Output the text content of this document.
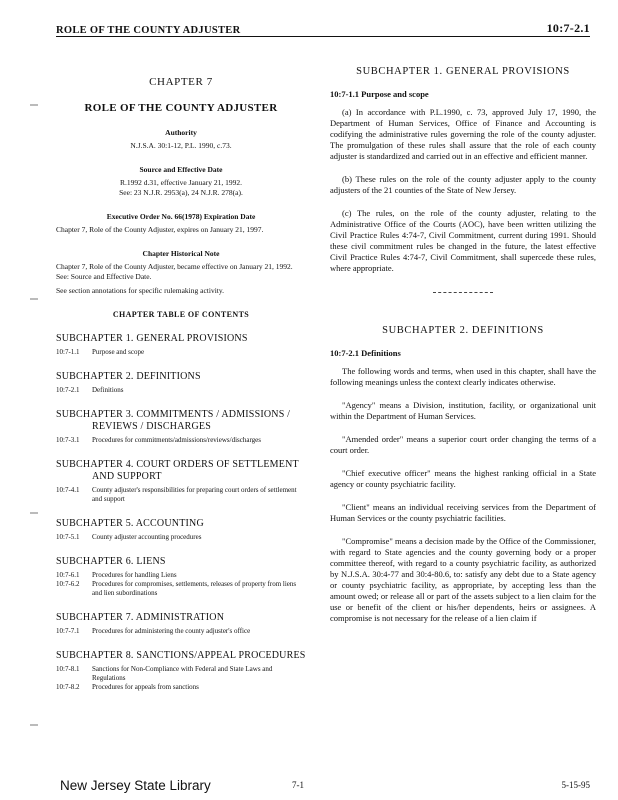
ROLE OF THE COUNTY ADJUSTER	10:7-2.1
CHAPTER 7
ROLE OF THE COUNTY ADJUSTER
Authority
N.J.S.A. 30:1-12, P.L. 1990, c.73.
Source and Effective Date
R.1992 d.31, effective January 21, 1992.
See: 23 N.J.R. 2953(a), 24 N.J.R. 278(a).
Executive Order No. 66(1978) Expiration Date
Chapter 7, Role of the County Adjuster, expires on January 21, 1997.
Chapter Historical Note
Chapter 7, Role of the County Adjuster, became effective on January 21, 1992. See: Source and Effective Date.
See section annotations for specific rulemaking activity.
CHAPTER TABLE OF CONTENTS
SUBCHAPTER 1. GENERAL PROVISIONS
10:7-1.1	Purpose and scope
SUBCHAPTER 2. DEFINITIONS
10:7-2.1	Definitions
SUBCHAPTER 3. COMMITMENTS / ADMISSIONS /
REVIEWS / DISCHARGES
10:7-3.1	Procedures for commitments/admissions/reviews/discharges
SUBCHAPTER 4. COURT ORDERS OF SETTLEMENT
AND SUPPORT
10:7-4.1	County adjuster's responsibilities for preparing court orders of settlement and support
SUBCHAPTER 5. ACCOUNTING
10:7-5.1	County adjuster accounting procedures
SUBCHAPTER 6. LIENS
10:7-6.1	Procedures for handling Liens
10:7-6.2	Procedures for compromises, settlements, releases of property from liens and lien subordinations
SUBCHAPTER 7. ADMINISTRATION
10:7-7.1	Procedures for administering the county adjuster's office
SUBCHAPTER 8. SANCTIONS/APPEAL PROCEDURES
10:7-8.1	Sanctions for Non-Compliance with Federal and State Laws and Regulations
10:7-8.2	Procedures for appeals from sanctions
SUBCHAPTER 1. GENERAL PROVISIONS
10:7-1.1 Purpose and scope

(a) In accordance with P.L.1990, c. 73, approved July 17, 1990, the Department of Human Services, Office of Finance and Accounting is codifying the administrative rules governing the role of the county adjuster. The promulgation of these rules shall assure that the role of each county adjuster is standardized and carried out in an effective and efficient manner.

(b) These rules on the role of the county adjuster apply to the county adjusters of the 21 counties of the State of New Jersey.

(c) The rules, on the role of the county adjuster, relating to the Administrative Office of the Courts (AOC), have been written utilizing the Civil Practice Rules 4:74-7, Civil Commitment, current during 1991. Should these civil commitment rules be changed in the future, the latest effective Civil Practice Rules 4:74-7, Civil Commitment, shall supercede these rules, where appropriate.

SUBCHAPTER 2. DEFINITIONS
10:7-2.1 Definitions

The following words and terms, when used in this chapter, shall have the following meanings unless the context clearly indicates otherwise.

"Agency" means a Division, institution, facility, or organizational unit within the Department of Human Services.

"Amended order" means a superior court order changing the terms of a court order.

"Chief executive officer" means the highest ranking official in a State agency or county psychiatric facility.

"Client" means an individual receiving services from the Department of Human Services or the county psychiatric facilities.

"Compromise" means a decision made by the Office of the Commissioner, with regard to State agencies and the county governing body or a proper committee thereof, with regard to a county psychiatric facility, as authorized by N.J.S.A. 30:4-77 and 30:4-80.6, to: satisfy any debt due to a State agency or county psychiatric facility, as appropriate, by accepting less than the amount owed; or release all or part of the assets subject to a lien claim for the use or benefit of the client or his/her dependents, heirs or assignees. A compromise is not necessary for the release of a lien claim if

New Jersey State Library	7-1	5-15-95
